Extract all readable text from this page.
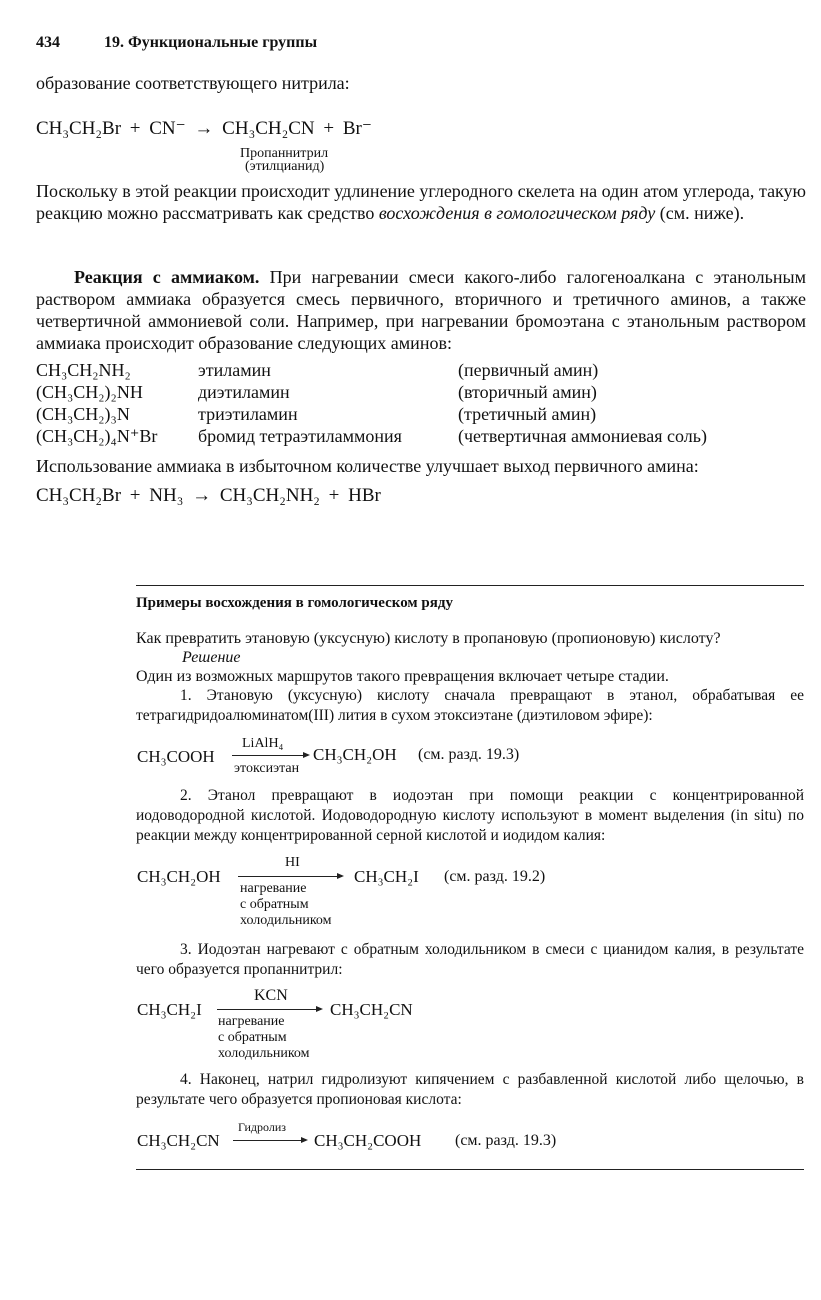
434	19. Функциональные группы
образование соответствующего нитрила:
CH₃CH₂Br + CN⁻ → CH₃CH₂CN + Br⁻
Пропаннитрил
(этилцианид)
Поскольку в этой реакции происходит удлинение углеродного скелета на один атом углерода, такую реакцию можно рассматривать как средство восхождения в гомологическом ряду (см. ниже).
Реакция с аммиаком. При нагревании смеси какого-либо галогеноалкана с этанольным раствором аммиака образуется смесь первичного, вторичного и третичного аминов, а также четвертичной аммониевой соли. Например, при нагревании бромоэтана с этанольным раствором аммиака происходит образование следующих аминов:
CH₃CH₂NH₂	этиламин	(первичный амин)
(CH₃CH₂)₂NH	диэтиламин	(вторичный амин)
(CH₃CH₂)₃N	триэтиламин	(третичный амин)
(CH₃CH₂)₄N⁺Br	бромид тетраэтиламмония	(четвертичная аммониевая соль)
Использование аммиака в избыточном количестве улучшает выход первичного амина:
CH₃CH₂Br + NH₃ → CH₃CH₂NH₂ + HBr
Примеры восхождения в гомологическом ряду
Как превратить этановую (уксусную) кислоту в пропановую (пропионовую) кислоту?
Решение
Один из возможных маршрутов такого превращения включает четыре стадии.
1. Этановую (уксусную) кислоту сначала превращают в этанол, обрабатывая ее тетрагидридоалюминатом(III) лития в сухом этоксиэтане (диэтиловом эфире):
CH₃COOH
LiAlH₄
этоксиэтан
CH₃CH₂OH (см. разд. 19.3)
2. Этанол превращают в иодоэтан при помощи реакции с концентрированной иодоводородной кислотой. Иодоводородную кислоту используют в момент выделения (in situ) по реакции между концентрированной серной кислотой и иодидом калия:
CH₃CH₂OH
HI
нагревание
с обратным
холодильником
CH₃CH₂I (см. разд. 19.2)
3. Иодоэтан нагревают с обратным холодильником в смеси с цианидом калия, в результате чего образуется пропаннитрил:
CH₃CH₂I
KCN
нагревание
с обратным
холодильником
CH₃CH₂CN
4. Наконец, натрил гидролизуют кипячением с разбавленной кислотой либо щелочью, в результате чего образуется пропионовая кислота:
CH₃CH₂CN
Гидролиз
CH₃CH₂COOH (см. разд. 19.3)
